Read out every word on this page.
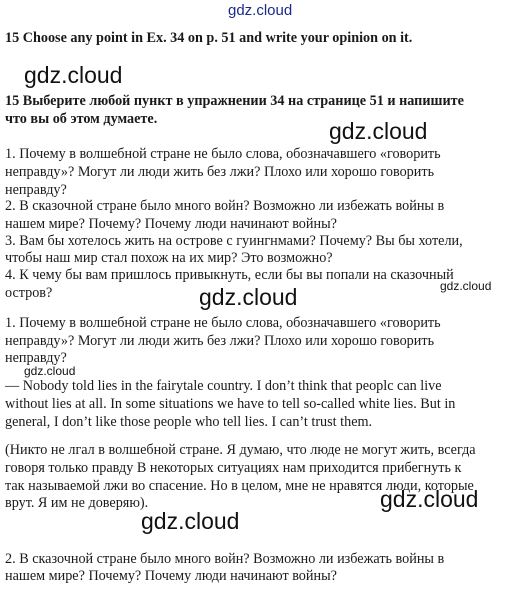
gdz.cloud

15 Choose any point in Ex. 34 on p. 51 and write your opinion on it.

15 Выберите любой пункт в упражнении 34 на странице 51 и напишите

что вы об этом думаете.

1. Почему в волшебной стране не было слова, обозначавшего «говорить

неправду»? Могут ли люди жить без лжи? Плохо или хорошо говорить

неправду?

2. В сказочной стране было много войн? Возможно ли избежать войны в

нашем мире? Почему? Почему люди начинают войны?

3. Вам бы хотелось жить на острове с гуингнмами? Почему? Вы бы хотели,

чтобы наш мир стал похож на их мир? Это возможно?

4. К чему бы вам пришлось привыкнуть, если бы вы попали на сказочный

остров?

1. Почему в волшебной стране не было слова, обозначавшего «говорить

неправду»? Могут ли люди жить без лжи? Плохо или хорошо говорить

неправду?

— Nobody told lies in the fairytale country. I don’t think that peoplc can live

without lies at all. In some situations we have to tell so-called white lies. But in

general, I don’t like those people who tell lies. I can’t trust them.

(Никто не лгал в волшебной стране. Я думаю, что люде не могут жить, всегда

говоря только правду В некоторых ситуациях нам приходится прибегнуть к

так называемой лжи во спасение. Но в целом, мне не нравятся люди, которые

врут. Я им не доверяю).

2. В сказочной стране было много войн? Возможно ли избежать войны в

нашем мире? Почему? Почему люди начинают войны?

gdz.cloud
gdz.cloud
gdz.cloud	gdz.cloud
gdz.cloud
gdz.cloud
gdz.cloud
